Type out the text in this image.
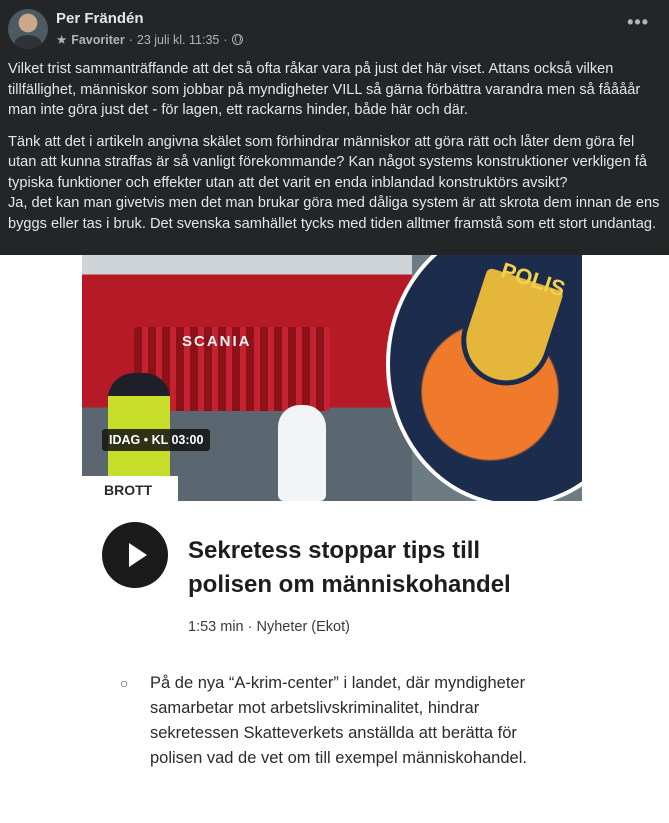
Per Frändén
★ Favoriter · 23 juli kl. 11:35 ·
•••

Vilket trist sammanträffande att det så ofta råkar vara på just det här viset. Attans också vilken tillfällighet, människor som jobbar på myndigheter VILL så gärna förbättra varandra men så fåååår man inte göra just det - för lagen, ett rackarns hinder, både här och där.

Tänk att det i artikeln angivna skälet som förhindrar människor att göra rätt och låter dem göra fel utan att kunna straffas är så vanligt förekommande? Kan något systems konstruktioner verkligen få typiska funktioner och effekter utan att det varit en enda inblandad konstruktörs avsikt?
Ja, det kan man givetvis men det man brukar göra med dåliga system är att skrota dem innan de ens byggs eller tas i bruk. Det svenska samhället tycks med tiden alltmer framstå som ett stort undantag.

SCANIA
POLIS
IDAG • KL 03:00
BROTT
Sekretess stoppar tips till polisen om människohandel
1:53 min · Nyheter (Ekot)
○ På de nya “A-krim-center” i landet, där myndigheter samarbetar mot arbetslivskriminalitet, hindrar sekretessen Skatteverkets anställda att berätta för polisen vad de vet om till exempel människohandel.
